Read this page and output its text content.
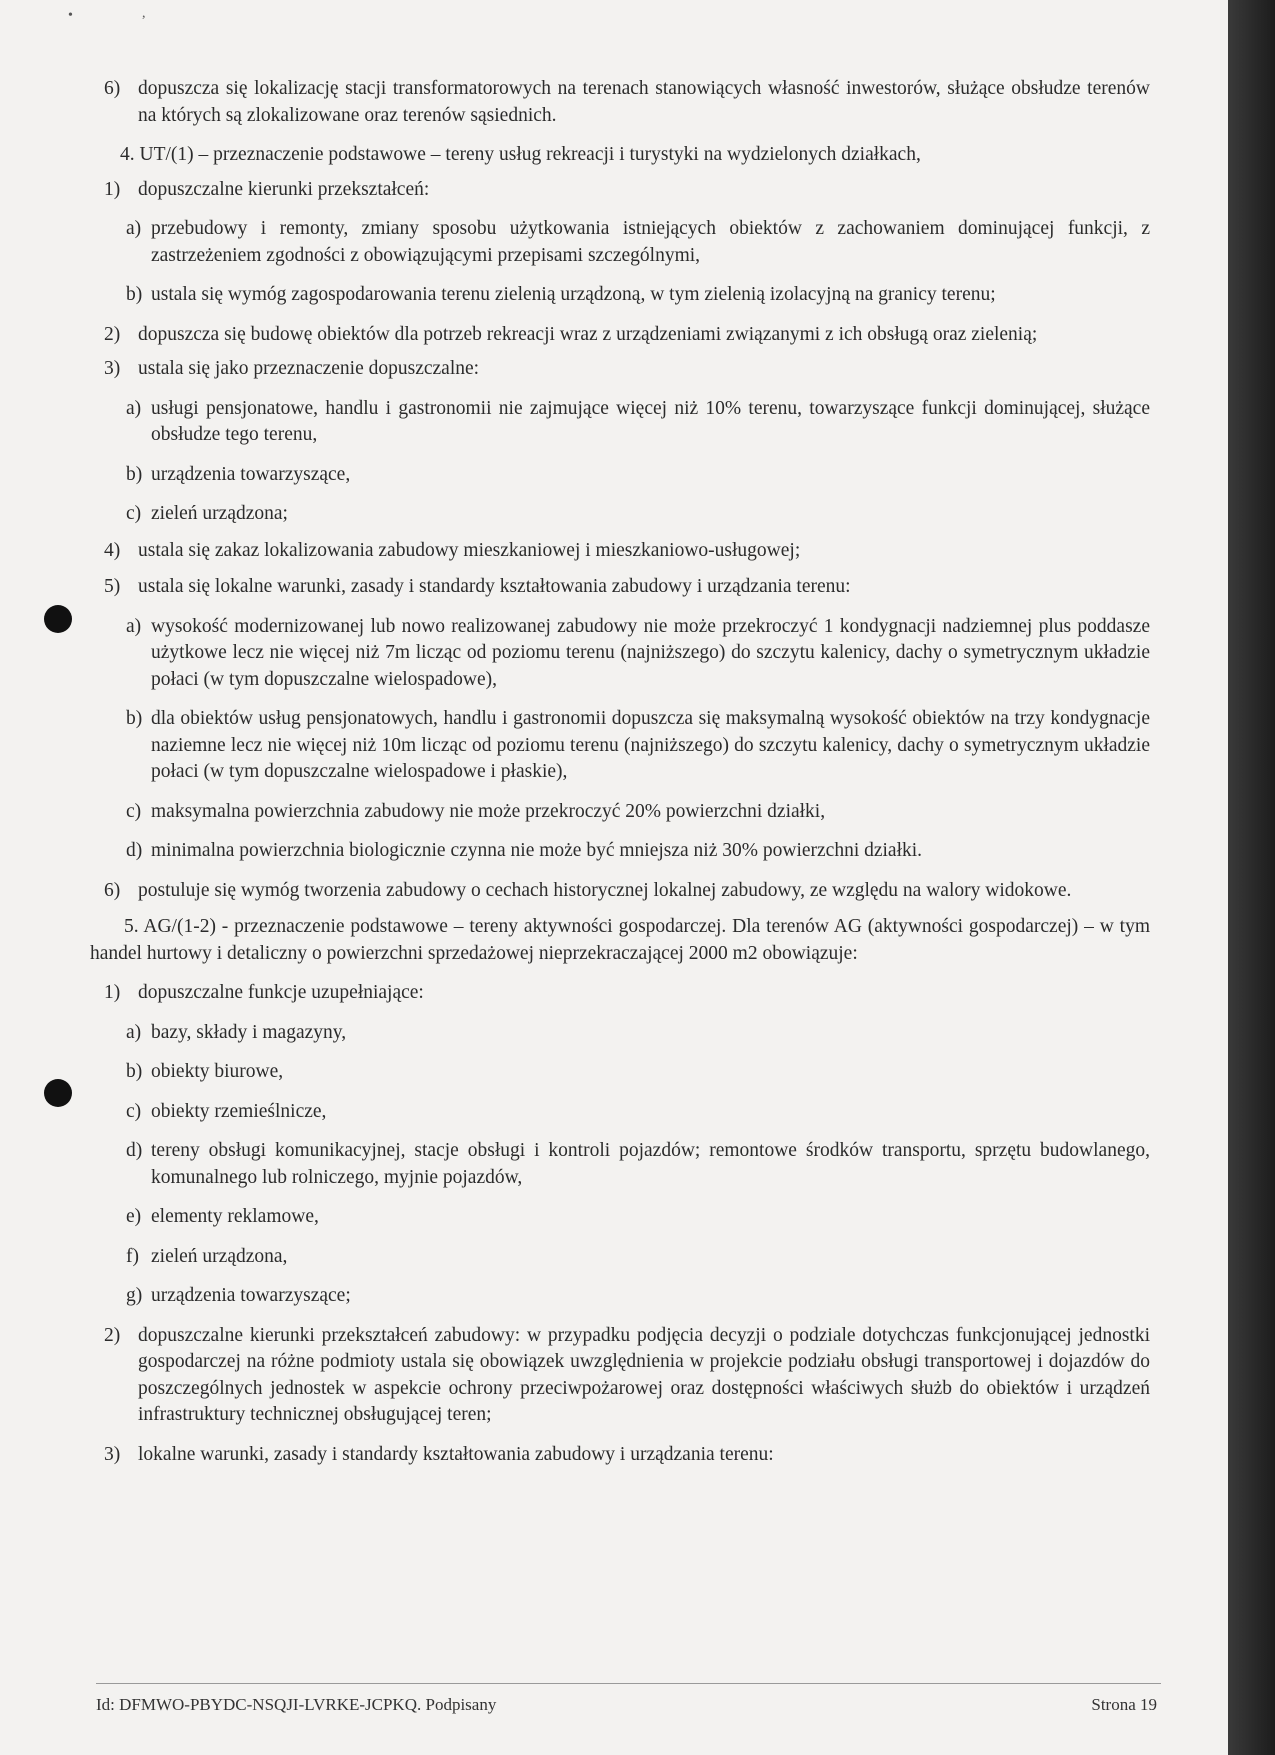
•	,
6) dopuszcza się lokalizację stacji transformatorowych na terenach stanowiących własność inwestorów, służące obsłudze terenów na których są zlokalizowane oraz terenów sąsiednich.
4. UT/(1) – przeznaczenie podstawowe – tereny usług rekreacji i turystyki na wydzielonych działkach,
1) dopuszczalne kierunki przekształceń:
a) przebudowy i remonty, zmiany sposobu użytkowania istniejących obiektów z zachowaniem dominującej funkcji, z zastrzeżeniem zgodności z obowiązującymi przepisami szczególnymi,
b) ustala się wymóg zagospodarowania terenu zielenią urządzoną, w tym zielenią izolacyjną na granicy terenu;
2) dopuszcza się budowę obiektów dla potrzeb rekreacji wraz z urządzeniami związanymi z ich obsługą oraz zielenią;
3) ustala się jako przeznaczenie dopuszczalne:
a) usługi pensjonatowe, handlu i gastronomii nie zajmujące więcej niż 10% terenu, towarzyszące funkcji dominującej, służące obsłudze tego terenu,
b) urządzenia towarzyszące,
c) zieleń urządzona;
4) ustala się zakaz lokalizowania zabudowy mieszkaniowej i mieszkaniowo-usługowej;
5) ustala się lokalne warunki, zasady i standardy kształtowania zabudowy i urządzania terenu:
a) wysokość modernizowanej lub nowo realizowanej zabudowy nie może przekroczyć 1 kondygnacji nadziemnej plus poddasze użytkowe lecz nie więcej niż 7m licząc od poziomu terenu (najniższego) do szczytu kalenicy, dachy o symetrycznym układzie połaci (w tym dopuszczalne wielospadowe),
b) dla obiektów usług pensjonatowych, handlu i gastronomii dopuszcza się maksymalną wysokość obiektów na trzy kondygnacje naziemne lecz nie więcej niż 10m licząc od poziomu terenu (najniższego) do szczytu kalenicy, dachy o symetrycznym układzie połaci (w tym dopuszczalne wielospadowe i płaskie),
c) maksymalna powierzchnia zabudowy nie może przekroczyć 20% powierzchni działki,
d) minimalna powierzchnia biologicznie czynna nie może być mniejsza niż 30% powierzchni działki.
6) postuluje się wymóg tworzenia zabudowy o cechach historycznej lokalnej zabudowy, ze względu na walory widokowe.
5. AG/(1-2) - przeznaczenie podstawowe – tereny aktywności gospodarczej. Dla terenów AG (aktywności gospodarczej) – w tym handel hurtowy i detaliczny o powierzchni sprzedażowej nieprzekraczającej 2000 m2 obowiązuje:
1) dopuszczalne funkcje uzupełniające:
a) bazy, składy i magazyny,
b) obiekty biurowe,
c) obiekty rzemieślnicze,
d) tereny obsługi komunikacyjnej, stacje obsługi i kontroli pojazdów; remontowe środków transportu, sprzętu budowlanego, komunalnego lub rolniczego, myjnie pojazdów,
e) elementy reklamowe,
f) zieleń urządzona,
g) urządzenia towarzyszące;
2) dopuszczalne kierunki przekształceń zabudowy: w przypadku podjęcia decyzji o podziale dotychczas funkcjonującej jednostki gospodarczej na różne podmioty ustala się obowiązek uwzględnienia w projekcie podziału obsługi transportowej i dojazdów do poszczególnych jednostek w aspekcie ochrony przeciwpożarowej oraz dostępności właściwych służb do obiektów i urządzeń infrastruktury technicznej obsługującej teren;
3) lokalne warunki, zasady i standardy kształtowania zabudowy i urządzania terenu:
Id: DFMWO-PBYDC-NSQJI-LVRKE-JCPKQ. Podpisany	Strona 19
